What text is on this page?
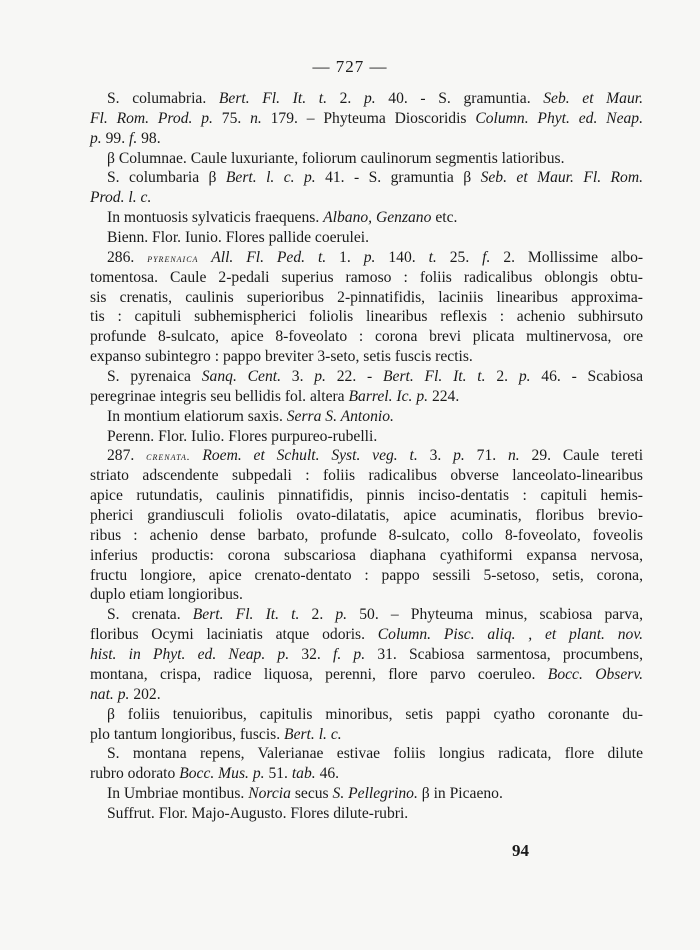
— 727 —
S. columabria. Bert. Fl. It. t. 2. p. 40. - S. gramuntia. Seb. et Maur.
Fl. Rom. Prod. p. 75. n. 179. – Phyteuma Dioscoridis Column. Phyt. ed. Neap.
p. 99. f. 98.
β Columnae. Caule luxuriante, foliorum caulinorum segmentis latioribus.
S. columbaria β Bert. l. c. p. 41. - S. gramuntia β Seb. et Maur. Fl. Rom.
Prod. l. c.
In montuosis sylvaticis fraequens. Albano, Genzano etc.
Bienn. Flor. Iunio. Flores pallide coerulei.
286. pyrenaica All. Fl. Ped. t. 1. p. 140. t. 25. f. 2. Mollissime albo-
tomentosa. Caule 2-pedali superius ramoso : foliis radicalibus oblongis obtu-
sis crenatis, caulinis superioribus 2-pinnatifidis, laciniis linearibus approxima-
tis : capituli subhemispherici foliolis linearibus reflexis : achenio subhirsuto
profunde 8-sulcato, apice 8-foveolato : corona brevi plicata multinervosa, ore
expanso subintegro : pappo breviter 3-seto, setis fuscis rectis.
S. pyrenaica Sanq. Cent. 3. p. 22. - Bert. Fl. It. t. 2. p. 46. - Scabiosa
peregrinae integris seu bellidis fol. altera Barrel. Ic. p. 224.
In montium elatiorum saxis. Serra S. Antonio.
Perenn. Flor. Iulio. Flores purpureo-rubelli.
287. crenata. Roem. et Schult. Syst. veg. t. 3. p. 71. n. 29. Caule tereti
striato adscendente subpedali : foliis radicalibus obverse lanceolato-linearibus
apice rutundatis, caulinis pinnatifidis, pinnis inciso-dentatis : capituli hemis-
pherici grandiusculi foliolis ovato-dilatatis, apice acuminatis, floribus brevio-
ribus : achenio dense barbato, profunde 8-sulcato, collo 8-foveolato, foveolis
inferius productis: corona subscariosa diaphana cyathiformi expansa nervosa,
fructu longiore, apice crenato-dentato : pappo sessili 5-setoso, setis, corona,
duplo etiam longioribus.
S. crenata. Bert. Fl. It. t. 2. p. 50. – Phyteuma minus, scabiosa parva,
floribus Ocymi laciniatis atque odoris. Column. Pisc. aliq. , et plant. nov.
hist. in Phyt. ed. Neap. p. 32. f. p. 31. Scabiosa sarmentosa, procumbens,
montana, crispa, radice liquosa, perenni, flore parvo coeruleo. Bocc. Observ.
nat. p. 202.
β foliis tenuioribus, capitulis minoribus, setis pappi cyatho coronante du-
plo tantum longioribus, fuscis. Bert. l. c.
S. montana repens, Valerianae estivae foliis longius radicata, flore dilute
rubro odorato Bocc. Mus. p. 51. tab. 46.
In Umbriae montibus. Norcia secus S. Pellegrino. β in Picaeno.
Suffrut. Flor. Majo-Augusto. Flores dilute-rubri.
94
